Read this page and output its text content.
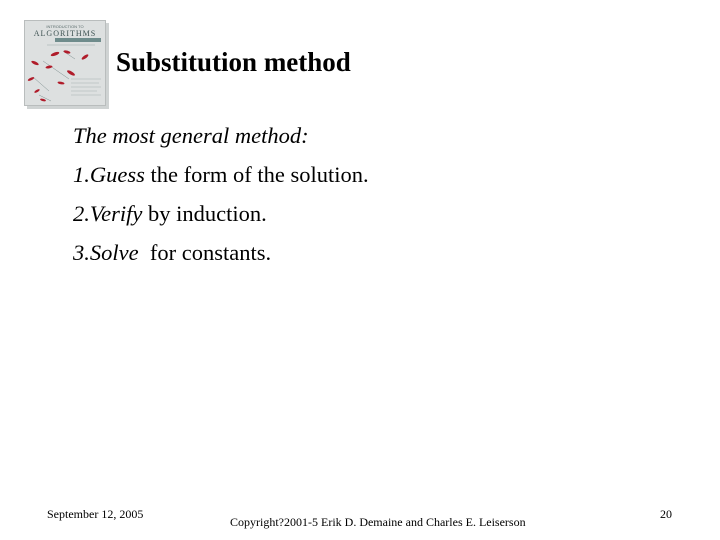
INTRODUCTION TO
ALGORITHMS
Substitution method
The most general method:
1.Guess the form of the solution.
2.Verify by induction.
3.Solve  for constants.
September 12, 2005
Copyright?2001-5 Erik D. Demaine and Charles E. Leiserson
20
